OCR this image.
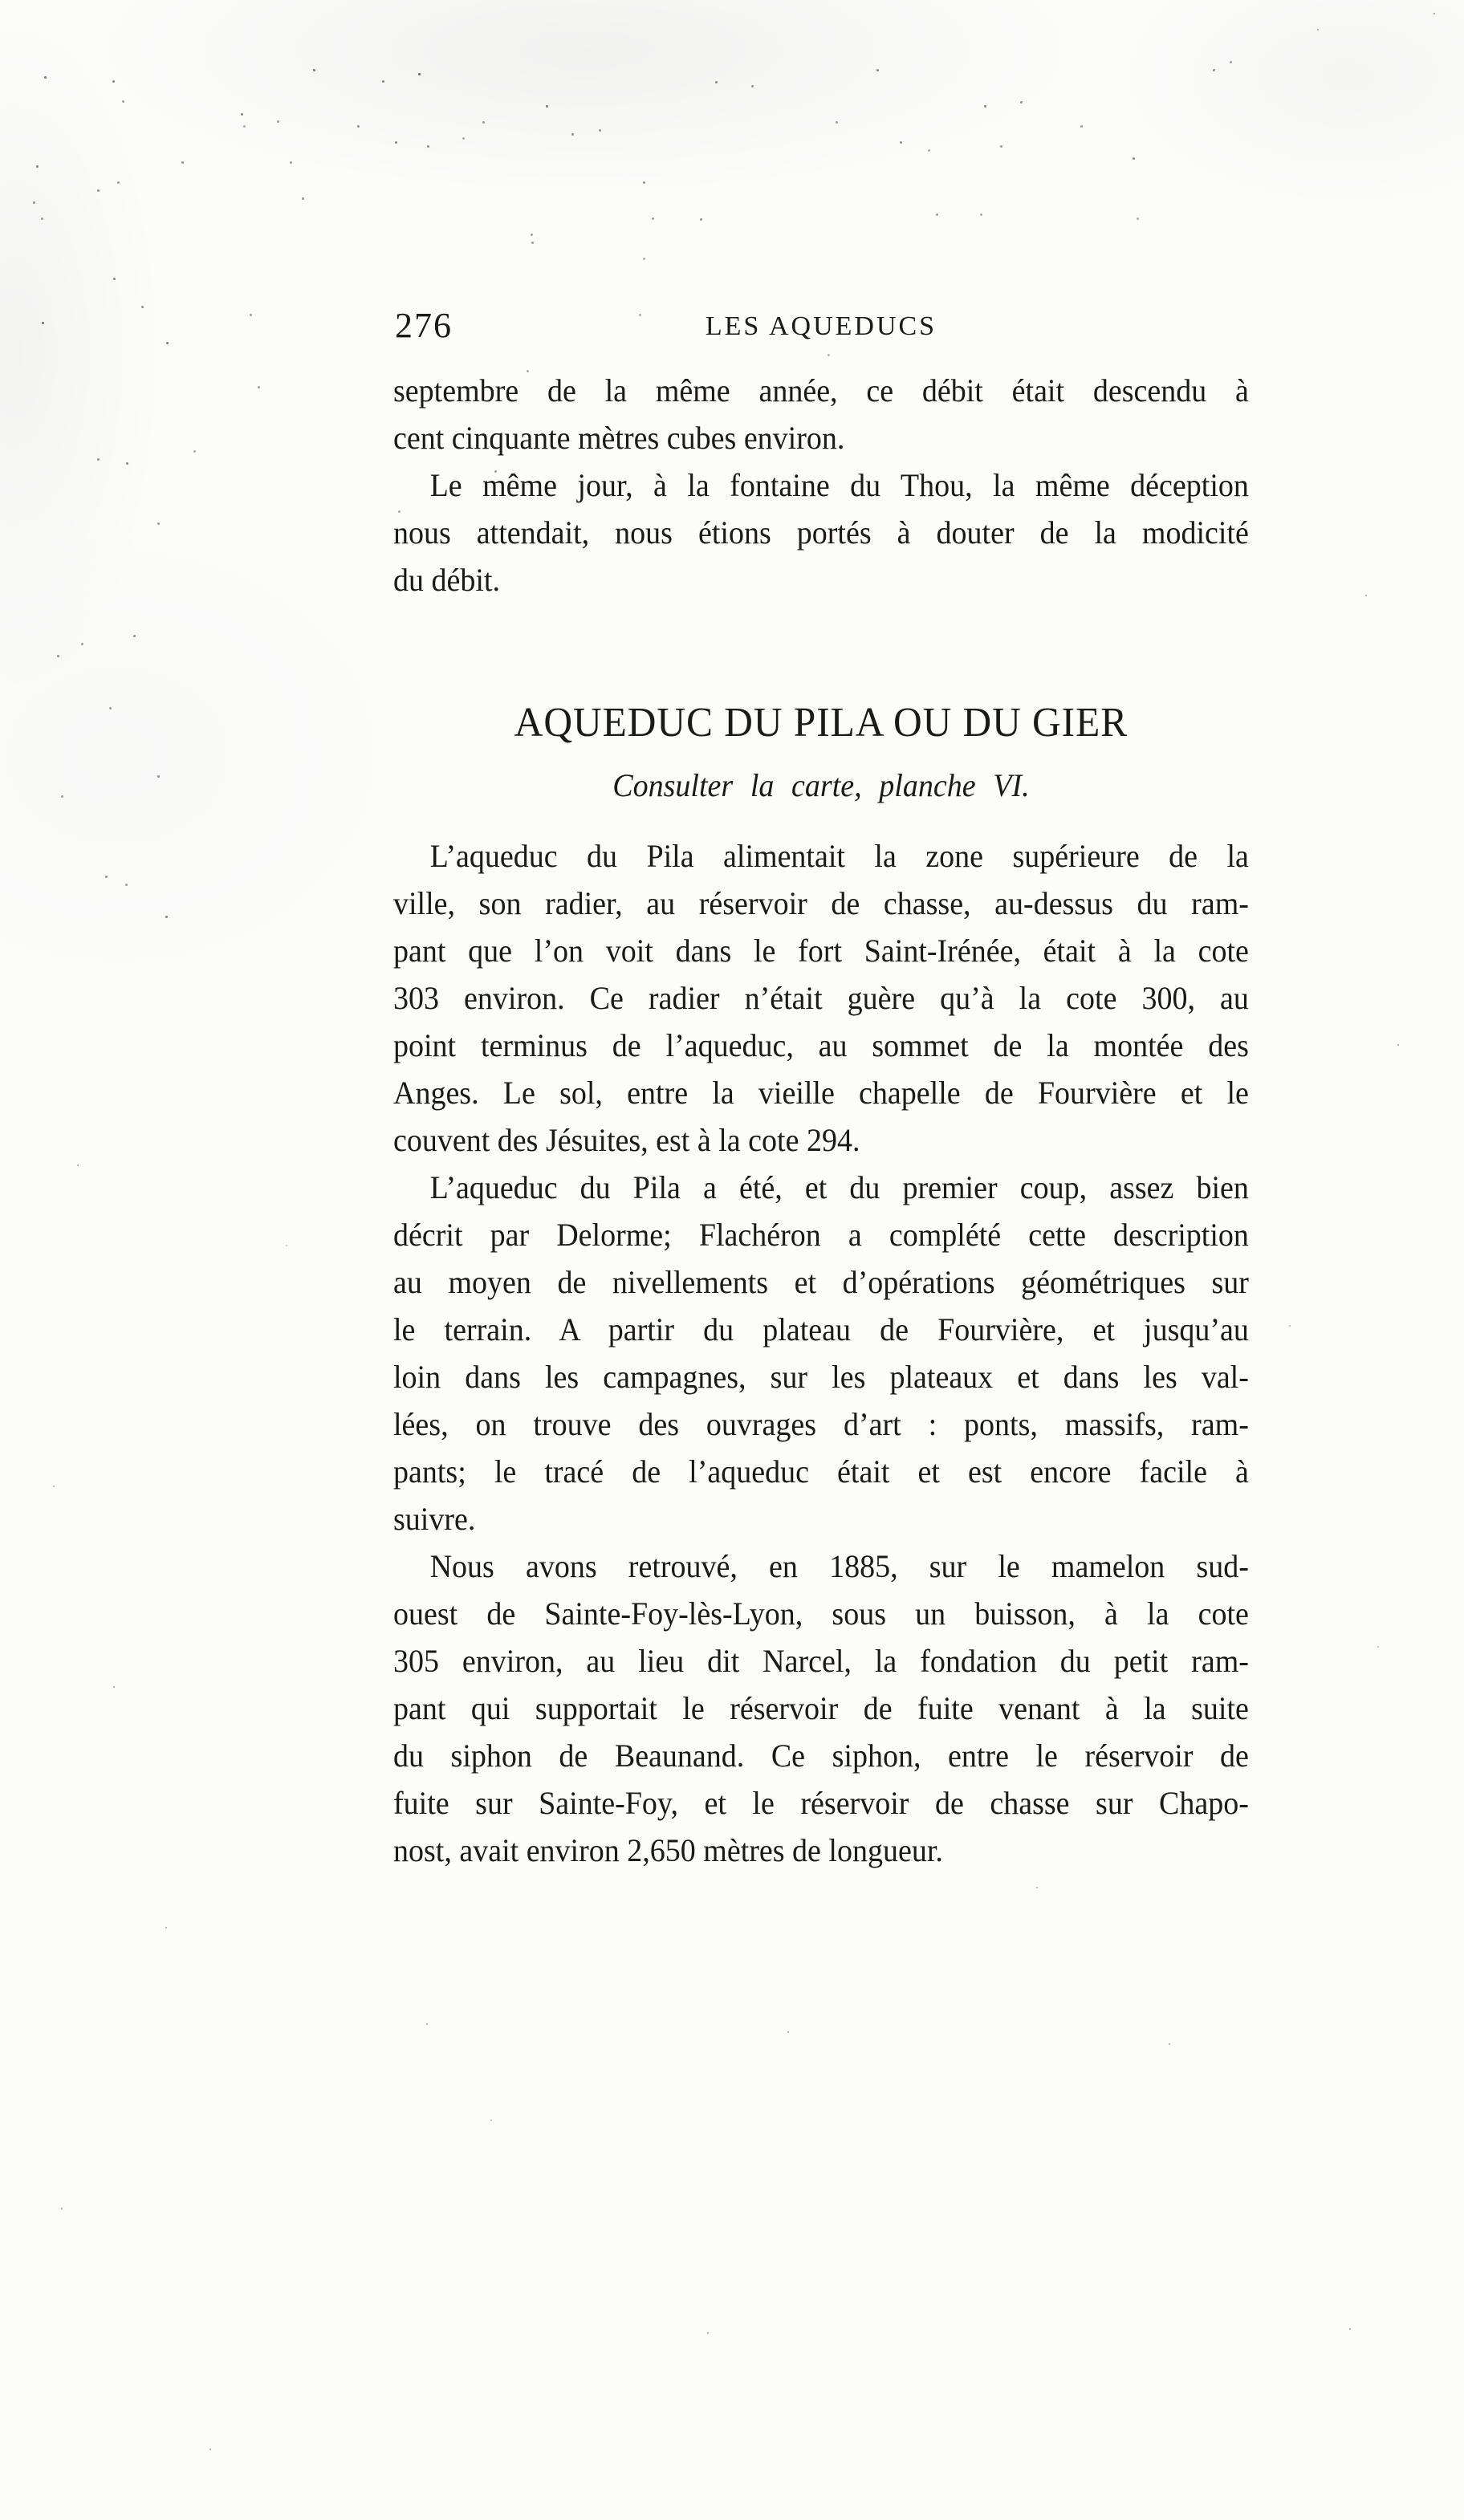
276	LES AQUEDUCS
septembre de la même année, ce débit était descendu à
cent cinquante mètres cubes environ.
Le même jour, à la fontaine du Thou, la même déception
nous attendait, nous étions portés à douter de la modicité
du débit.
AQUEDUC DU PILA OU DU GIER
Consulter la carte, planche VI.
L’aqueduc du Pila alimentait la zone supérieure de la
ville, son radier, au réservoir de chasse, au-dessus du ram-
pant que l’on voit dans le fort Saint-Irénée, était à la cote
303 environ. Ce radier n’était guère qu’à la cote 300, au
point terminus de l’aqueduc, au sommet de la montée des
Anges. Le sol, entre la vieille chapelle de Fourvière et le
couvent des Jésuites, est à la cote 294.
L’aqueduc du Pila a été, et du premier coup, assez bien
décrit par Delorme; Flachéron a complété cette description
au moyen de nivellements et d’opérations géométriques sur
le terrain. A partir du plateau de Fourvière, et jusqu’au
loin dans les campagnes, sur les plateaux et dans les val-
lées, on trouve des ouvrages d’art : ponts, massifs, ram-
pants; le tracé de l’aqueduc était et est encore facile à
suivre.
Nous avons retrouvé, en 1885, sur le mamelon sud-
ouest de Sainte-Foy-lès-Lyon, sous un buisson, à la cote
305 environ, au lieu dit Narcel, la fondation du petit ram-
pant qui supportait le réservoir de fuite venant à la suite
du siphon de Beaunand. Ce siphon, entre le réservoir de
fuite sur Sainte-Foy, et le réservoir de chasse sur Chapo-
nost, avait environ 2,650 mètres de longueur.
